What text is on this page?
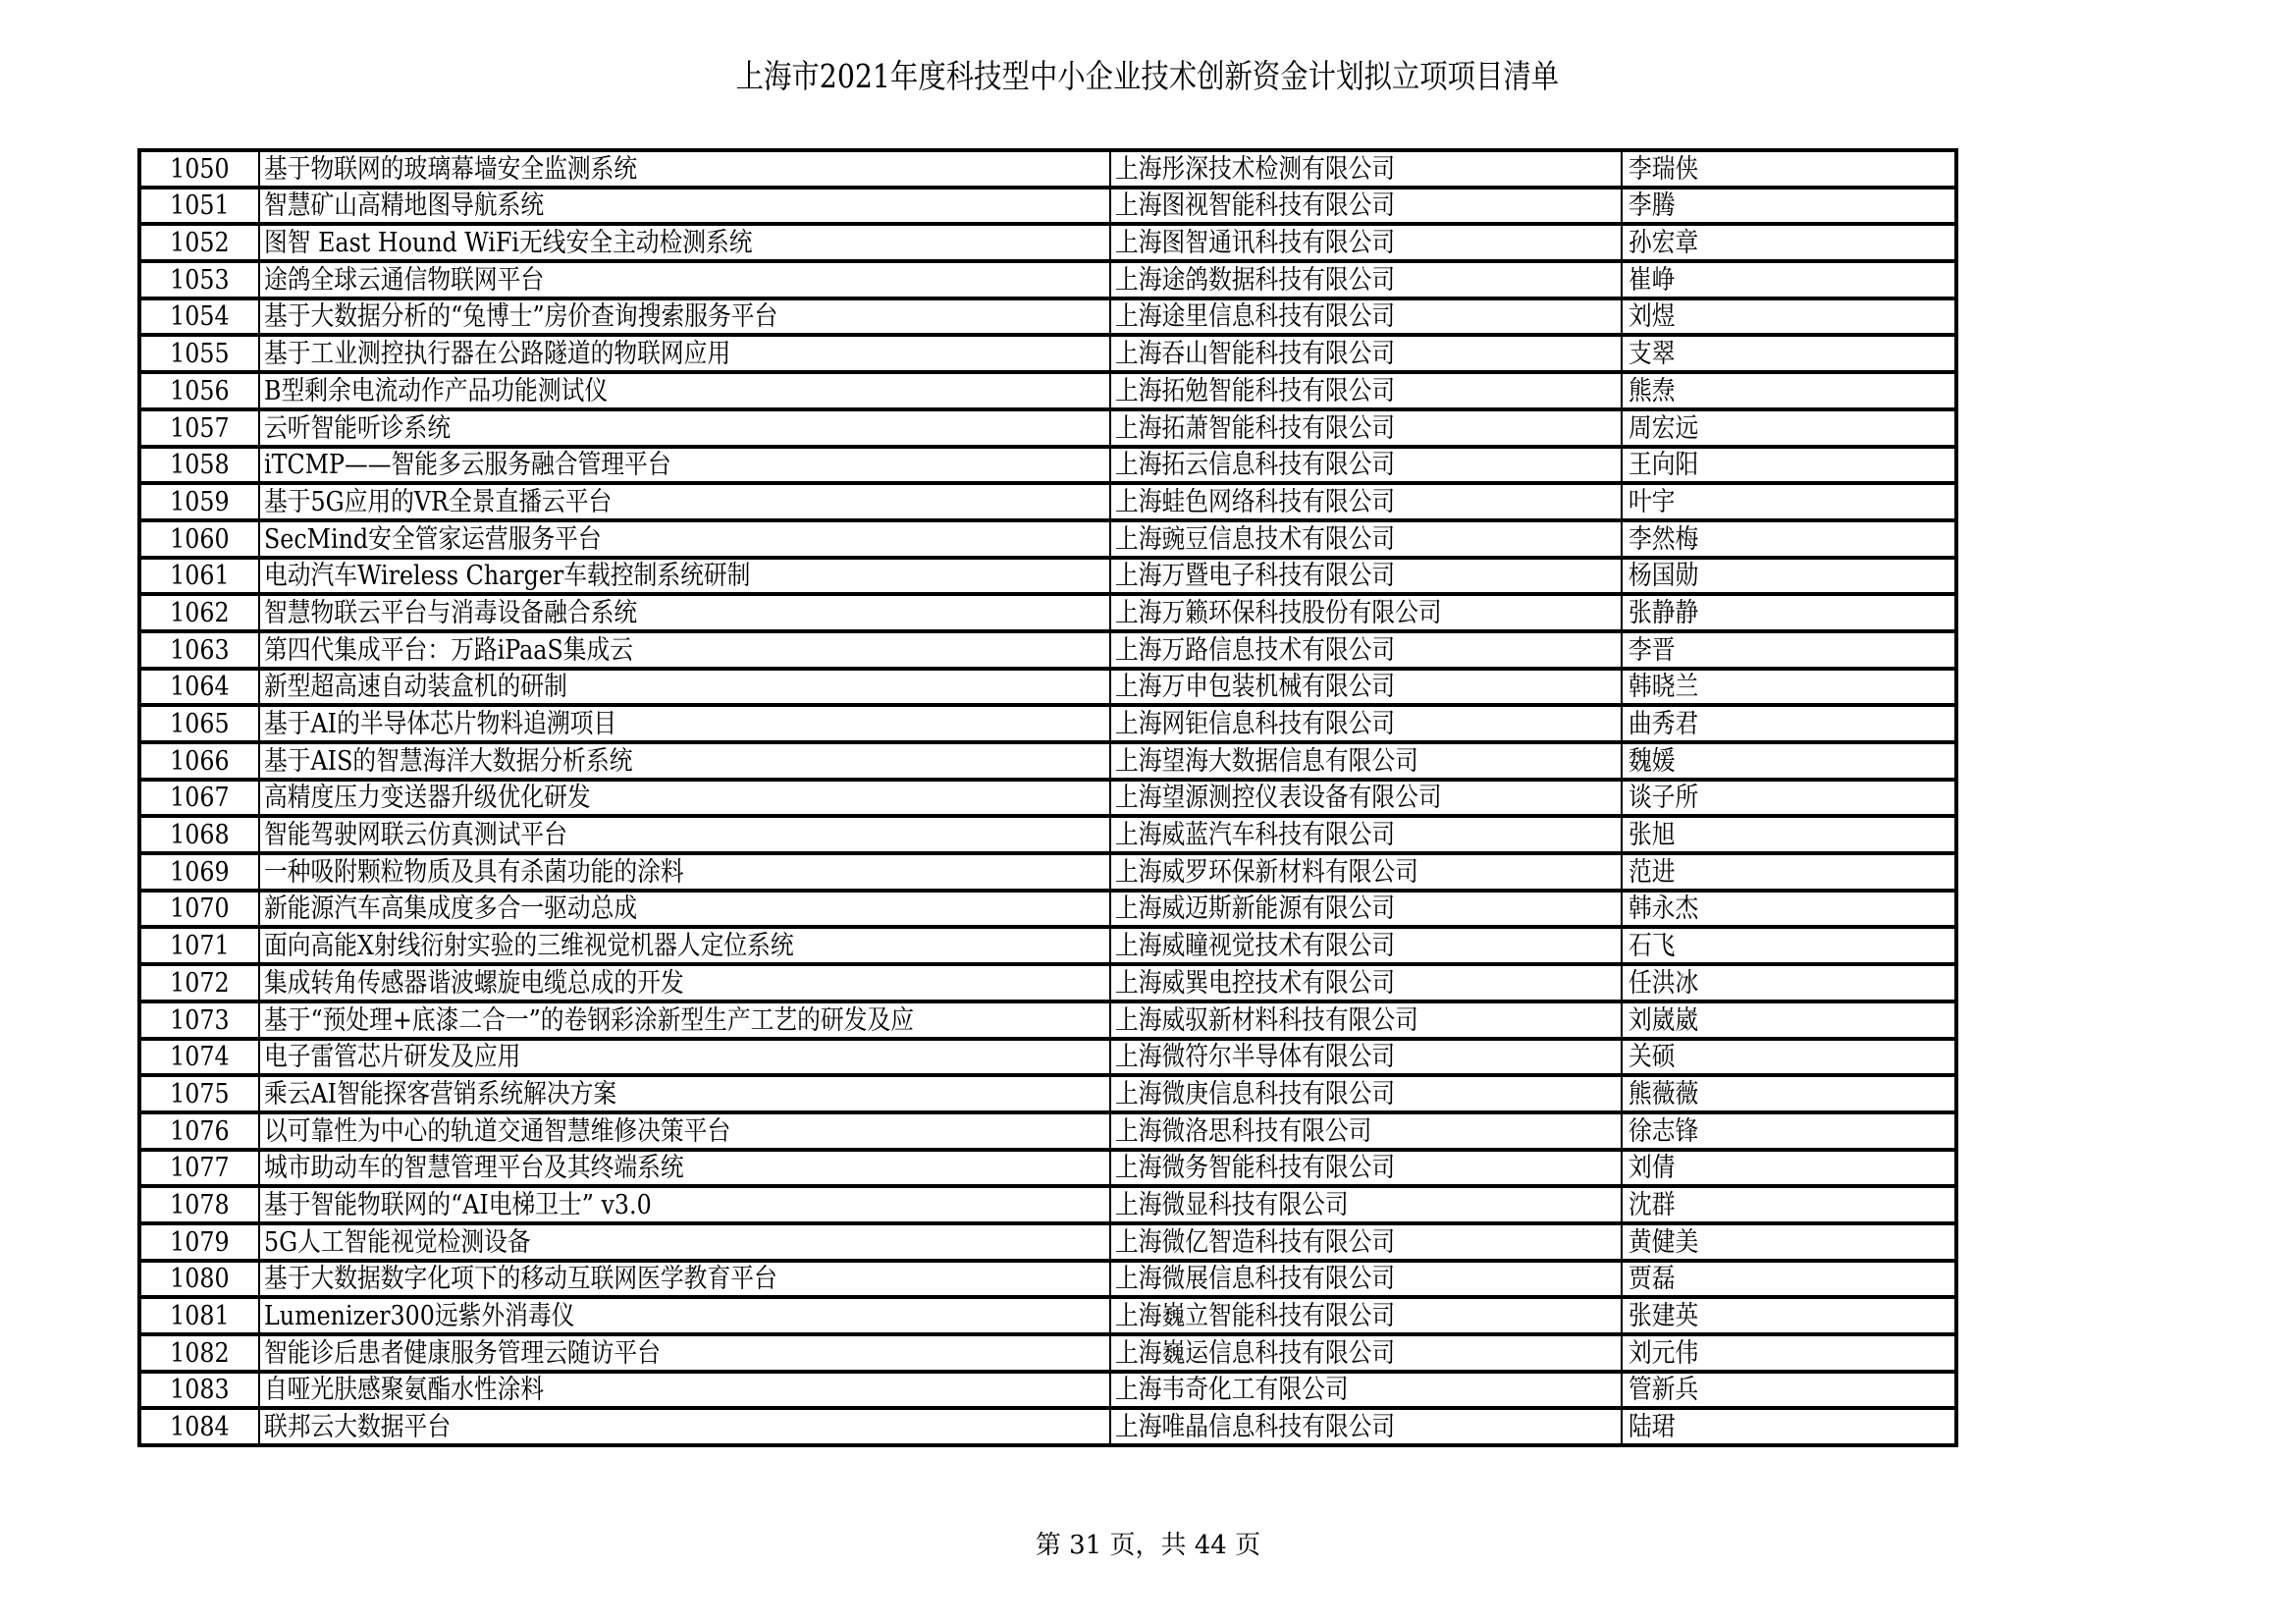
上海市2021年度科技型中小企业技术创新资金计划拟立项项目清单
1050	基于物联网的玻璃幕墙安全监测系统	上海彤深技术检测有限公司	李瑞侠
1051	智慧矿山高精地图导航系统	上海图视智能科技有限公司	李腾
1052	图智 East Hound WiFi无线安全主动检测系统	上海图智通讯科技有限公司	孙宏章
1053	途鸽全球云通信物联网平台	上海途鸽数据科技有限公司	崔峥
1054	基于大数据分析的“兔博士”房价查询搜索服务平台	上海途里信息科技有限公司	刘煜
1055	基于工业测控执行器在公路隧道的物联网应用	上海吞山智能科技有限公司	支翠
1056	B型剩余电流动作产品功能测试仪	上海拓勉智能科技有限公司	熊焘
1057	云听智能听诊系统	上海拓萧智能科技有限公司	周宏远
1058	iTCMP——智能多云服务融合管理平台	上海拓云信息科技有限公司	王向阳
1059	基于5G应用的VR全景直播云平台	上海蛙色网络科技有限公司	叶宇
1060	SecMind安全管家运营服务平台	上海豌豆信息技术有限公司	李然梅
1061	电动汽车Wireless Charger车载控制系统研制	上海万暨电子科技有限公司	杨国勋
1062	智慧物联云平台与消毒设备融合系统	上海万籁环保科技股份有限公司	张静静
1063	第四代集成平台：万路iPaaS集成云	上海万路信息技术有限公司	李晋
1064	新型超高速自动装盒机的研制	上海万申包装机械有限公司	韩晓兰
1065	基于AI的半导体芯片物料追溯项目	上海网钜信息科技有限公司	曲秀君
1066	基于AIS的智慧海洋大数据分析系统	上海望海大数据信息有限公司	魏媛
1067	高精度压力变送器升级优化研发	上海望源测控仪表设备有限公司	谈子所
1068	智能驾驶网联云仿真测试平台	上海威蓝汽车科技有限公司	张旭
1069	一种吸附颗粒物质及具有杀菌功能的涂料	上海威罗环保新材料有限公司	范进
1070	新能源汽车高集成度多合一驱动总成	上海威迈斯新能源有限公司	韩永杰
1071	面向高能X射线衍射实验的三维视觉机器人定位系统	上海威瞳视觉技术有限公司	石飞
1072	集成转角传感器谐波螺旋电缆总成的开发	上海威巽电控技术有限公司	任洪冰
1073	基于“预处理+底漆二合一”的卷钢彩涂新型生产工艺的研发及应	上海威驭新材料科技有限公司	刘崴崴
1074	电子雷管芯片研发及应用	上海微符尔半导体有限公司	关硕
1075	乘云AI智能探客营销系统解决方案	上海微庚信息科技有限公司	熊薇薇
1076	以可靠性为中心的轨道交通智慧维修决策平台	上海微洛思科技有限公司	徐志锋
1077	城市助动车的智慧管理平台及其终端系统	上海微务智能科技有限公司	刘倩
1078	基于智能物联网的“AI电梯卫士” v3.0	上海微显科技有限公司	沈群
1079	5G人工智能视觉检测设备	上海微亿智造科技有限公司	黄健美
1080	基于大数据数字化项下的移动互联网医学教育平台	上海微展信息科技有限公司	贾磊
1081	Lumenizer300远紫外消毒仪	上海巍立智能科技有限公司	张建英
1082	智能诊后患者健康服务管理云随访平台	上海巍运信息科技有限公司	刘元伟
1083	自哑光肤感聚氨酯水性涂料	上海韦奇化工有限公司	管新兵
1084	联邦云大数据平台	上海唯晶信息科技有限公司	陆珺
第 31 页，共 44 页
